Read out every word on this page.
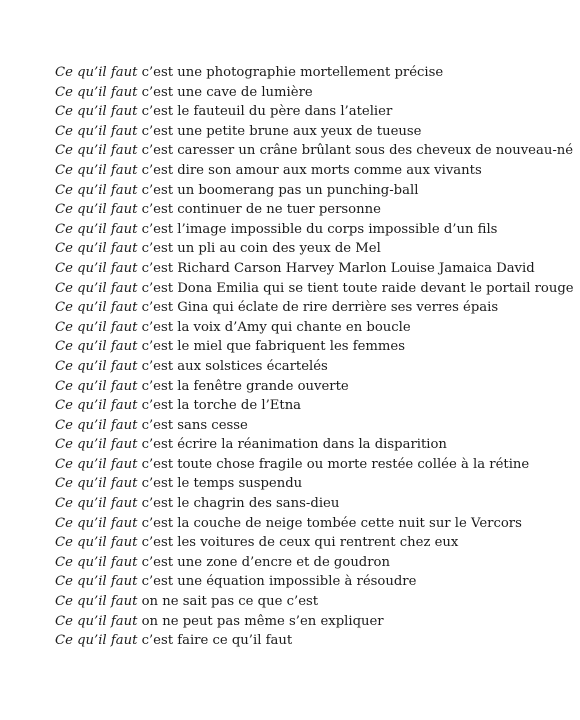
Ce qu’il faut c’est une photographie mortellement précise
Ce qu’il faut c’est une cave de lumière
Ce qu’il faut c’est le fauteuil du père dans l’atelier
Ce qu’il faut c’est une petite brune aux yeux de tueuse
Ce qu’il faut c’est caresser un crâne brûlant sous des cheveux de nouveau-né
Ce qu’il faut c’est dire son amour aux morts comme aux vivants
Ce qu’il faut c’est un boomerang pas un punching-ball
Ce qu’il faut c’est continuer de ne tuer personne
Ce qu’il faut c’est l’image impossible du corps impossible d’un fils
Ce qu’il faut c’est un pli au coin des yeux de Mel
Ce qu’il faut c’est Richard Carson Harvey Marlon Louise Jamaica David
Ce qu’il faut c’est Dona Emilia qui se tient toute raide devant le portail rouge
Ce qu’il faut c’est Gina qui éclate de rire derrière ses verres épais
Ce qu’il faut c’est la voix d’Amy qui chante en boucle
Ce qu’il faut c’est le miel que fabriquent les femmes
Ce qu’il faut c’est aux solstices écartelés
Ce qu’il faut c’est la fenêtre grande ouverte
Ce qu’il faut c’est la torche de l’Etna
Ce qu’il faut c’est sans cesse
Ce qu’il faut c’est écrire la réanimation dans la disparition
Ce qu’il faut c’est toute chose fragile ou morte restée collée à la rétine
Ce qu’il faut c’est le temps suspendu
Ce qu’il faut c’est le chagrin des sans-dieu
Ce qu’il faut c’est la couche de neige tombée cette nuit sur le Vercors
Ce qu’il faut c’est les voitures de ceux qui rentrent chez eux
Ce qu’il faut c’est une zone d’encre et de goudron
Ce qu’il faut c’est une équation impossible à résoudre
Ce qu’il faut on ne sait pas ce que c’est
Ce qu’il faut on ne peut pas même s’en expliquer
Ce qu’il faut c’est faire ce qu’il faut
